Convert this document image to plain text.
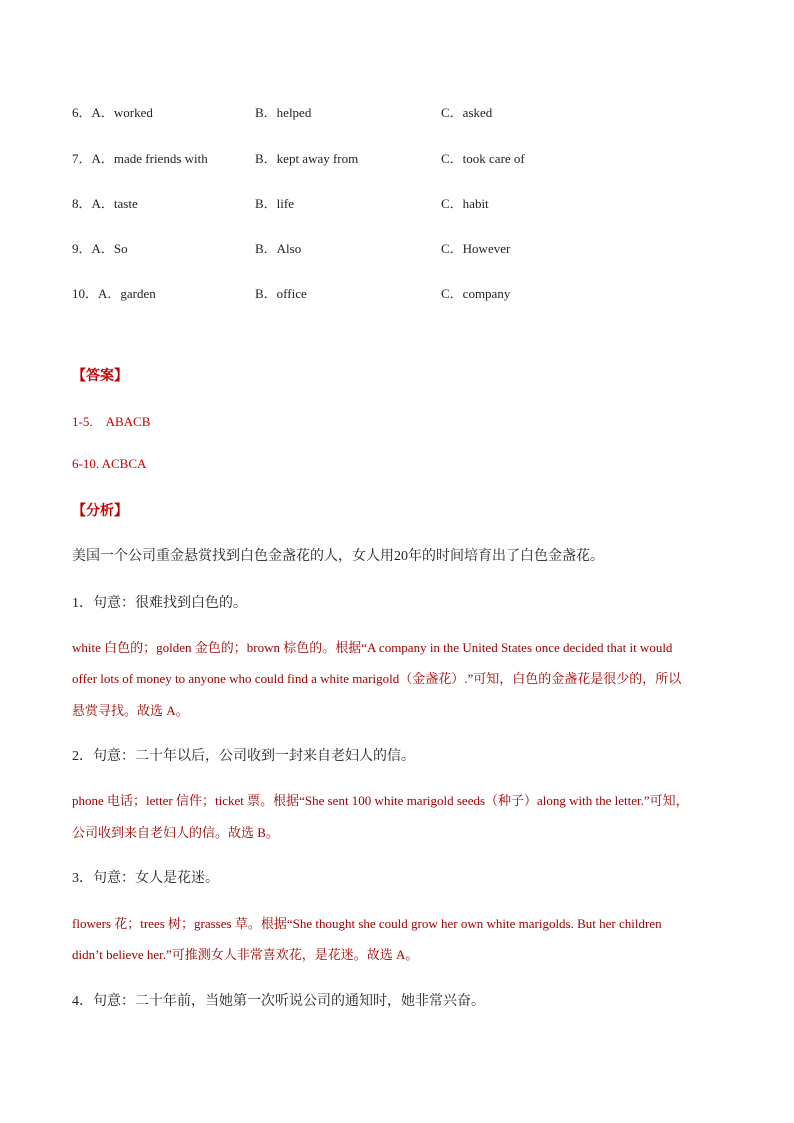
6．A．worked	B．helped	C．asked
7．A．made friends with	B．kept away from	C．took care of
8．A．taste	B．life	C．habit
9．A．So	B．Also	C．However
10．A．garden	B．office	C．company
【答案】
1-5.　ABACB
6-10. ACBCA
【分析】
美国一个公司重金悬赏找到白色金盏花的人，女人用20年的时间培育出了白色金盏花。
1．句意：很难找到白色的。
white 白色的；golden 金色的；brown 棕色的。根据“A company in the United States once decided that it would
offer lots of money to anyone who could find a white marigold（金盏花）.”可知，白色的金盏花是很少的，所以
悬赏寻找。故选 A。
2．句意：二十年以后，公司收到一封来自老妇人的信。
phone 电话；letter 信件；ticket 票。根据“She sent 100 white marigold seeds（种子）along with the letter.”可知，
公司收到来自老妇人的信。故选 B。
3．句意：女人是花迷。
flowers 花；trees 树；grasses 草。根据“She thought she could grow her own white marigolds. But her children
didn’t believe her.”可推测女人非常喜欢花，是花迷。故选 A。
4．句意：二十年前，当她第一次听说公司的通知时，她非常兴奋。
